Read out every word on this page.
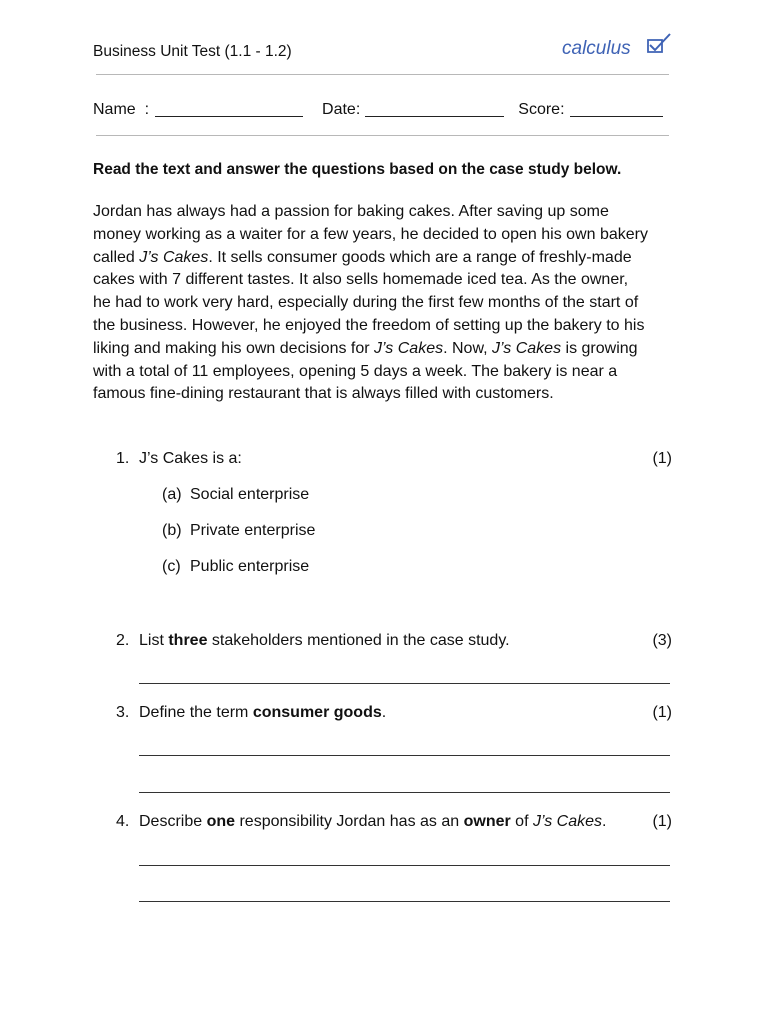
Business Unit Test (1.1 - 1.2)	calculus
Name  :	Date:	Score:
Read the text and answer the questions based on the case study below.

Jordan has always had a passion for baking cakes. After saving up some

money working as a waiter for a few years, he decided to open his own bakery

called J’s Cakes. It sells consumer goods which are a range of freshly-made

cakes with 7 different tastes. It also sells homemade iced tea. As the owner,

he had to work very hard, especially during the first few months of the start of

the business. However, he enjoyed the freedom of setting up the bakery to his

liking and making his own decisions for J’s Cakes. Now, J’s Cakes is growing

with a total of 11 employees, opening 5 days a week. The bakery is near a

famous fine-dining restaurant that is always filled with customers.

1. J’s Cakes is a:	(1)
(a) Social enterprise
(b) Private enterprise
(c) Public enterprise
2. List three stakeholders mentioned in the case study.	(3)
3. Define the term consumer goods.	(1)
4. Describe one responsibility Jordan has as an owner of J’s Cakes.	(1)
